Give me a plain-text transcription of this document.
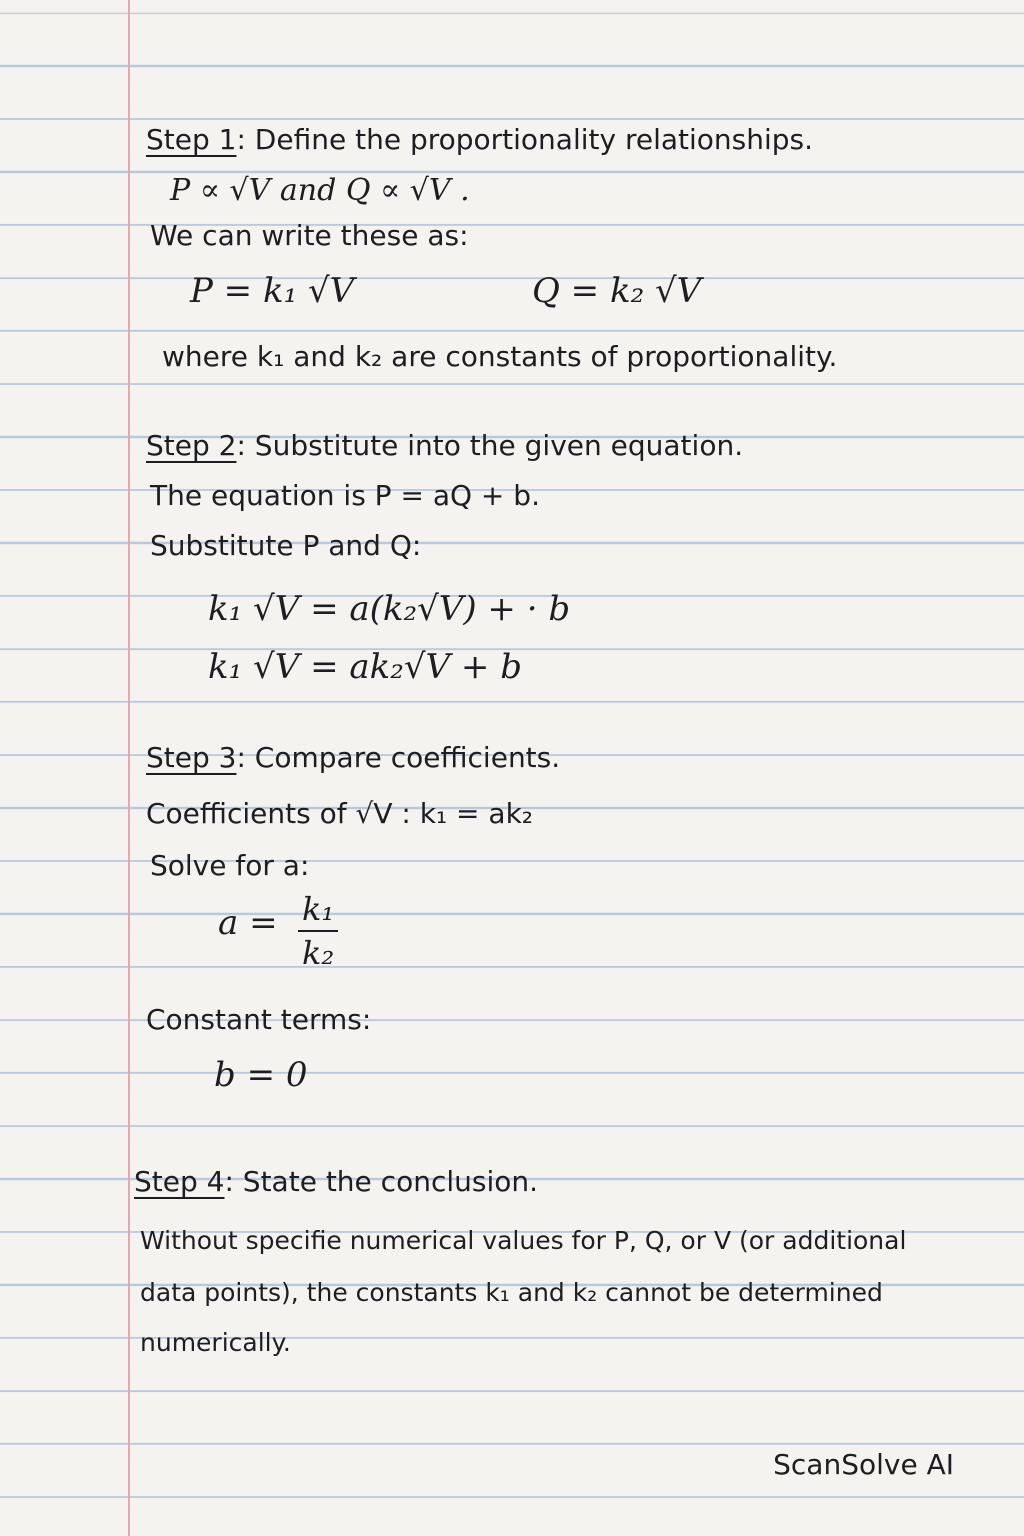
Step 1: Define the proportionality relationships.
P ∝ √V and Q ∝ √V .
We can write these as:
P = k₁ √V	Q = k₂ √V
where k₁ and k₂ are constants of proportionality.
Step 2: Substitute into the given equation.
The equation is P = aQ + b.
Substitute P and Q:
k₁ √V = a(k₂√V) + · b
k₁ √V = ak₂√V + b
Step 3: Compare coefficients.
Coefficients of √V : k₁ = ak₂
Solve for a:
$a = \frac{\text{k₁}}{\text{k₂}}$
Constant terms:
b = 0
Step 4: State the conclusion.
Without specifie numerical values for P, Q, or V (or additional
data points), the constants k₁ and k₂ cannot be determined
numerically.
ScanSolve AI
